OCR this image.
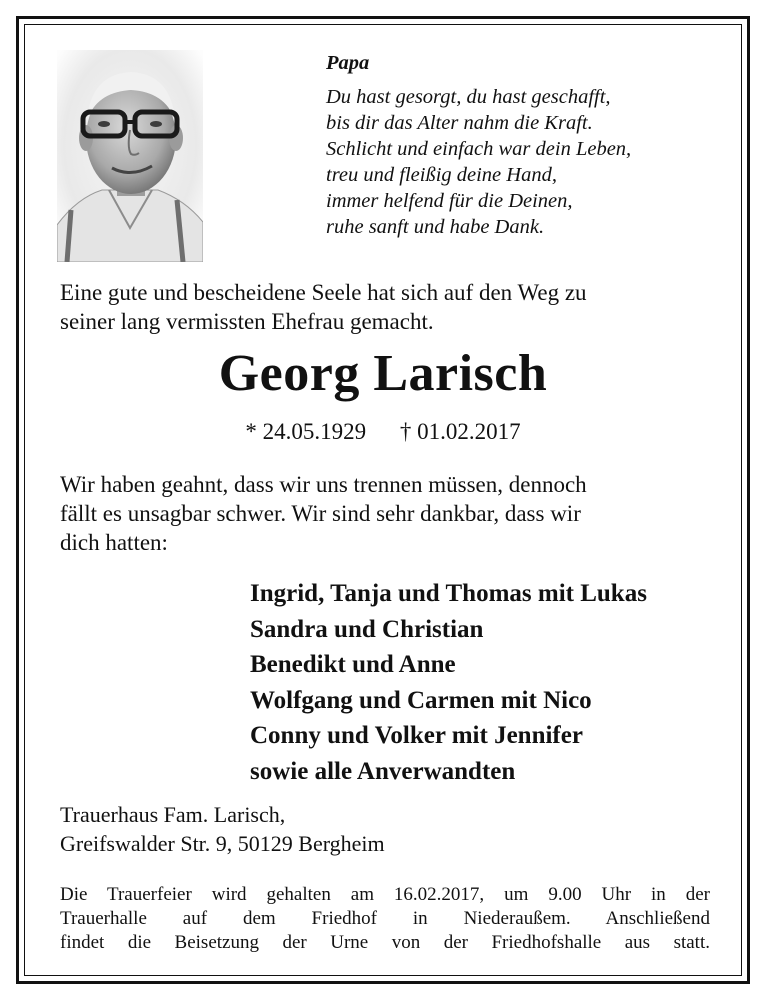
Papa
Du hast gesorgt, du hast geschafft,
bis dir das Alter nahm die Kraft.
Schlicht und einfach war dein Leben,
treu und fleißig deine Hand,
immer helfend für die Deinen,
ruhe sanft und habe Dank.
Eine gute und bescheidene Seele hat sich auf den Weg zu
seiner lang vermissten Ehefrau gemacht.
Georg Larisch
* 24.05.1929 † 01.02.2017
Wir haben geahnt, dass wir uns trennen müssen, dennoch
fällt es unsagbar schwer. Wir sind sehr dankbar, dass wir
dich hatten:
Ingrid, Tanja und Thomas mit Lukas
Sandra und Christian
Benedikt und Anne
Wolfgang und Carmen mit Nico
Conny und Volker mit Jennifer
sowie alle Anverwandten
Trauerhaus Fam. Larisch,
Greifswalder Str. 9, 50129 Bergheim
Die Trauerfeier wird gehalten am 16.02.2017, um 9.00 Uhr in der
Trauerhalle auf dem Friedhof in Niederaußem. Anschließend
findet die Beisetzung der Urne von der Friedhofshalle aus statt.
